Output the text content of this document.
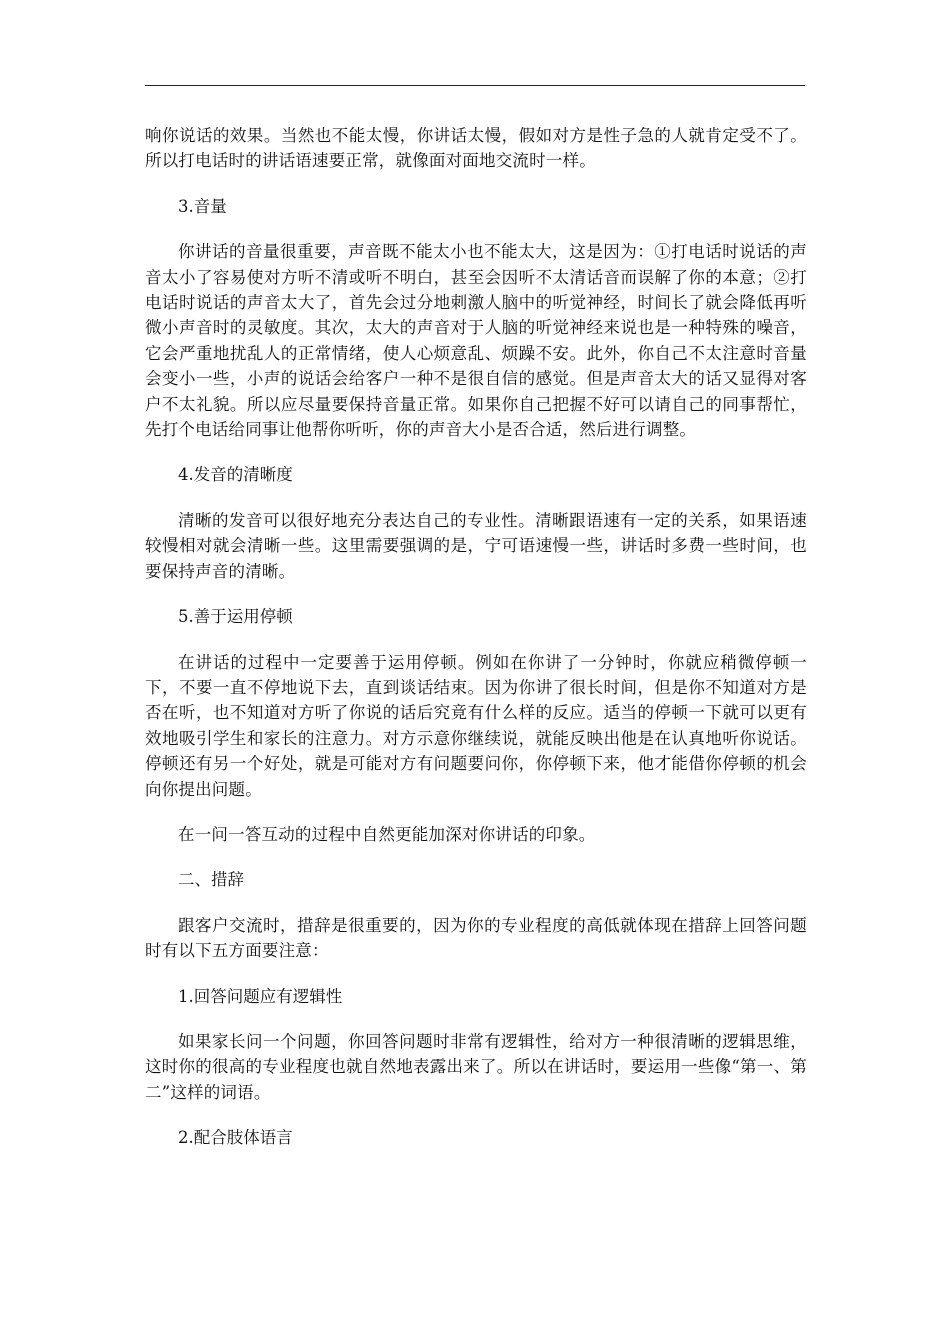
响你说话的效果。当然也不能太慢，你讲话太慢，假如对方是性子急的人就肯定受不了。所以打电话时的讲话语速要正常，就像面对面地交流时一样。

3.音量

你讲话的音量很重要，声音既不能太小也不能太大，这是因为：①打电话时说话的声音太小了容易使对方听不清或听不明白，甚至会因听不太清话音而误解了你的本意；②打电话时说话的声音太大了，首先会过分地刺激人脑中的听觉神经，时间长了就会降低再听微小声音时的灵敏度。其次，太大的声音对于人脑的听觉神经来说也是一种特殊的噪音，它会严重地扰乱人的正常情绪，使人心烦意乱、烦躁不安。此外，你自己不太注意时音量会变小一些，小声的说话会给客户一种不是很自信的感觉。但是声音太大的话又显得对客户不太礼貌。所以应尽量要保持音量正常。如果你自己把握不好可以请自己的同事帮忙，先打个电话给同事让他帮你听听，你的声音大小是否合适，然后进行调整。

4.发音的清晰度

清晰的发音可以很好地充分表达自己的专业性。清晰跟语速有一定的关系，如果语速较慢相对就会清晰一些。这里需要强调的是，宁可语速慢一些，讲话时多费一些时间，也要保持声音的清晰。

5.善于运用停顿

在讲话的过程中一定要善于运用停顿。例如在你讲了一分钟时，你就应稍微停顿一下，不要一直不停地说下去，直到谈话结束。因为你讲了很长时间，但是你不知道对方是否在听，也不知道对方听了你说的话后究竟有什么样的反应。适当的停顿一下就可以更有效地吸引学生和家长的注意力。对方示意你继续说，就能反映出他是在认真地听你说话。停顿还有另一个好处，就是可能对方有问题要问你，你停顿下来，他才能借你停顿的机会向你提出问题。

在一问一答互动的过程中自然更能加深对你讲话的印象。

二、措辞

跟客户交流时，措辞是很重要的，因为你的专业程度的高低就体现在措辞上回答问题时有以下五方面要注意：

1.回答问题应有逻辑性

如果家长问一个问题，你回答问题时非常有逻辑性，给对方一种很清晰的逻辑思维，这时你的很高的专业程度也就自然地表露出来了。所以在讲话时，要运用一些像“第一、第二”这样的词语。

2.配合肢体语言
